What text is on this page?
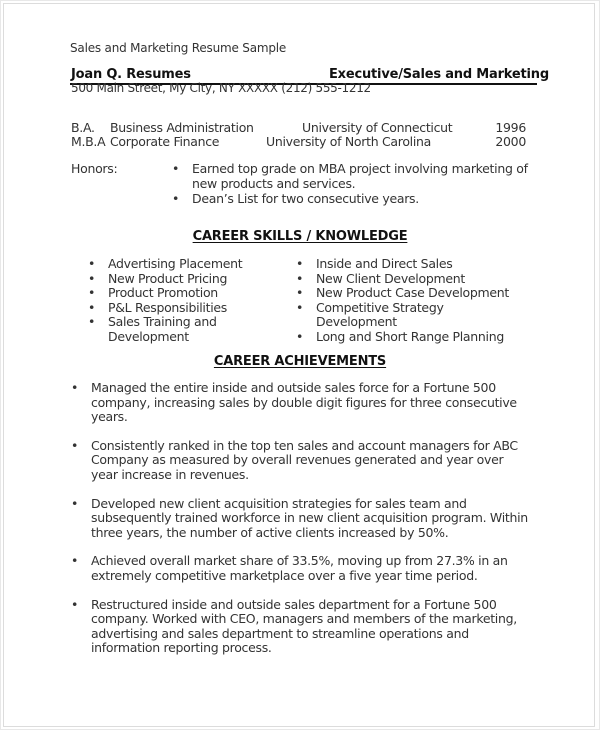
Sales and Marketing Resume Sample
Joan Q. Resumes	Executive/Sales and Marketing
500 Main Street, My City, NY XXXXX (212) 555-1212
B.A. Business Administration	University of Connecticut	1996
M.B.A Corporate Finance	University of North Carolina	2000
Honors:	• Earned top grade on MBA project involving marketing of new products and services.
• Dean’s List for two consecutive years.
CAREER SKILLS / KNOWLEDGE
• Advertising Placement
• New Product Pricing
• Product Promotion
• P&L Responsibilities
• Sales Training and Development
• Inside and Direct Sales
• New Client Development
• New Product Case Development
• Competitive Strategy Development
• Long and Short Range Planning
CAREER ACHIEVEMENTS
• Managed the entire inside and outside sales force for a Fortune 500 company, increasing sales by double digit figures for three consecutive years.
• Consistently ranked in the top ten sales and account managers for ABC Company as measured by overall revenues generated and year over year increase in revenues.
• Developed new client acquisition strategies for sales team and subsequently trained workforce in new client acquisition program. Within three years, the number of active clients increased by 50%.
• Achieved overall market share of 33.5%, moving up from 27.3% in an extremely competitive marketplace over a five year time period.
• Restructured inside and outside sales department for a Fortune 500 company. Worked with CEO, managers and members of the marketing, advertising and sales department to streamline operations and information reporting process.
